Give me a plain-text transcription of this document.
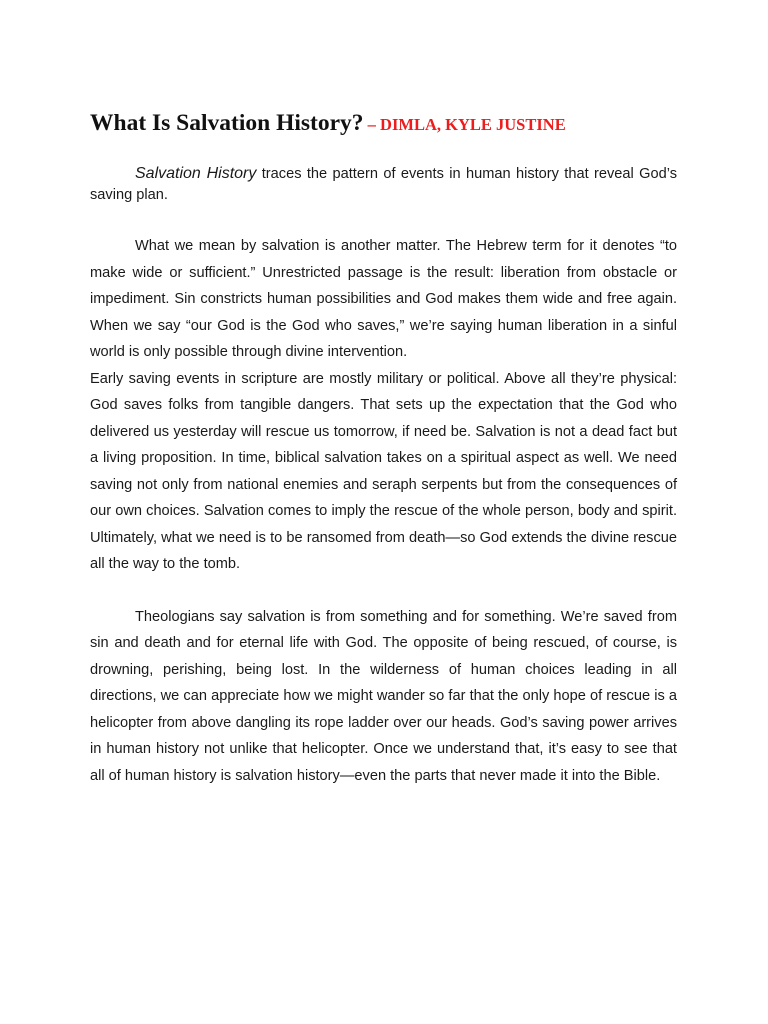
What Is Salvation History? – DIMLA, KYLE JUSTINE

Salvation History traces the pattern of events in human history that reveal God’s saving plan.

What we mean by salvation is another matter. The Hebrew term for it denotes “to make wide or sufficient.” Unrestricted passage is the result: liberation from obstacle or impediment. Sin constricts human possibilities and God makes them wide and free again. When we say “our God is the God who saves,” we’re saying human liberation in a sinful world is only possible through divine intervention.

Early saving events in scripture are mostly military or political. Above all they’re physical: God saves folks from tangible dangers. That sets up the expectation that the God who delivered us yesterday will rescue us tomorrow, if need be. Salvation is not a dead fact but a living proposition. In time, biblical salvation takes on a spiritual aspect as well. We need saving not only from national enemies and seraph serpents but from the consequences of our own choices. Salvation comes to imply the rescue of the whole person, body and spirit. Ultimately, what we need is to be ransomed from death—so God extends the divine rescue all the way to the tomb.

Theologians say salvation is from something and for something. We’re saved from sin and death and for eternal life with God. The opposite of being rescued, of course, is drowning, perishing, being lost. In the wilderness of human choices leading in all directions, we can appreciate how we might wander so far that the only hope of rescue is a helicopter from above dangling its rope ladder over our heads. God’s saving power arrives in human history not unlike that helicopter. Once we understand that, it’s easy to see that all of human history is salvation history—even the parts that never made it into the Bible.
